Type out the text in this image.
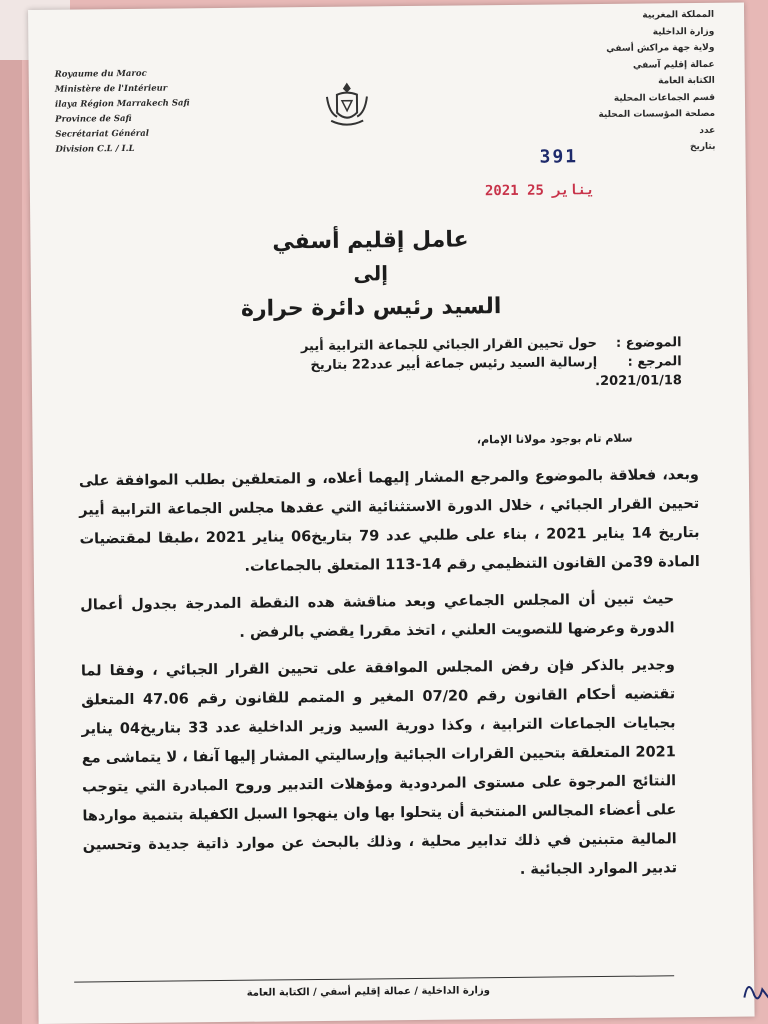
Royaume du Maroc
Ministère de l'Intérieur
ilaya Région Marrakech Safi
Province de Safi
Secrétariat Général
Division C.L / I.L
المملكة المغربية
وزارة الداخلية
ولاية جهة مراكش أسفي
عمالة إقليم آسفي
الكتابة العامة
قسم الجماعات المحلية
مصلحة المؤسسات المحلية
عدد
بتاريخ
391
2021 يناير 25
عامل إقليم أسفي
إلى
السيد رئيس دائرة حرارة
الموضوع : حول تحيين القرار الجبائي للجماعة الترابية أيير
المرجع : إرسالية السيد رئيس جماعة أيير عدد22 بتاريخ 2021/01/18.
سلام تام بوجود مولانا الإمام،

وبعد، فعلاقة بالموضوع والمرجع المشار إليهما أعلاه، و المتعلقين بطلب الموافقة على تحيين القرار الجبائي ، خلال الدورة الاستثنائية التي عقدها مجلس الجماعة الترابية أيير بتاريخ 14 يناير 2021 ، بناء على طلبي عدد 79 بتاريخ06 يناير 2021 ،طبقا لمقتضيات المادة 39من القانون التنظيمي رقم 14-113 المتعلق بالجماعات.

حيث تبين أن المجلس الجماعي وبعد مناقشة هده النقطة المدرجة بجدول أعمال الدورة وعرضها للتصويت العلني ، اتخذ مقررا يقضي بالرفض .

وجدير بالذكر فإن رفض المجلس الموافقة على تحيين القرار الجبائي ، وفقا لما تقتضيه أحكام القانون رقم 07/20 المغير و المتمم للقانون رقم 47.06 المتعلق بجبايات الجماعات الترابية ، وكذا دورية السيد وزير الداخلية عدد 33 بتاريخ04 يناير 2021 المتعلقة بتحيين القرارات الجبائية وإرساليتي المشار إليها آنفا ، لا يتماشى مع النتائج المرجوة على مستوى المردودية ومؤهلات التدبير وروح المبادرة التي يتوجب على أعضاء المجالس المنتخبة أن يتحلوا بها وان ينهجوا السبل الكفيلة بتنمية مواردها المالية متبنين في ذلك تدابير محلية ، وذلك بالبحث عن موارد ذاتية جديدة وتحسين تدبير الموارد الجبائية .

وزارة الداخلية / عمالة إقليم أسفي / الكتابة العامة
